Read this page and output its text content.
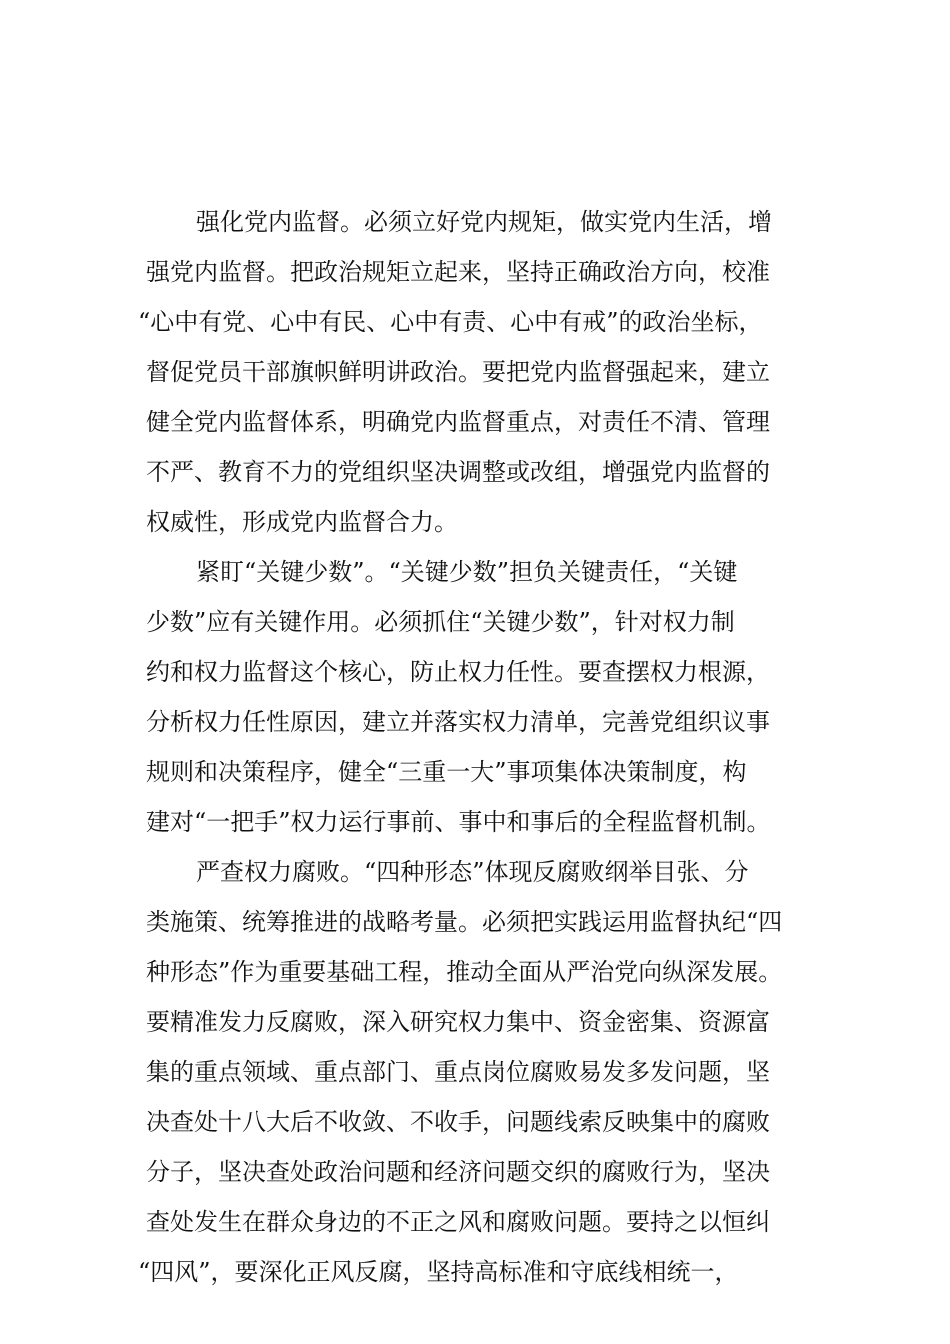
强化党内监督。必须立好党内规矩，做实党内生活，增
强党内监督。把政治规矩立起来，坚持正确政治方向，校准
“心中有党、心中有民、心中有责、心中有戒”的政治坐标，
督促党员干部旗帜鲜明讲政治。要把党内监督强起来，建立
健全党内监督体系，明确党内监督重点，对责任不清、管理
不严、教育不力的党组织坚决调整或改组，增强党内监督的
权威性，形成党内监督合力。
紧盯“关键少数”。“关键少数”担负关键责任，“关键
少数”应有关键作用。必须抓住“关键少数”，针对权力制
约和权力监督这个核心，防止权力任性。要查摆权力根源，
分析权力任性原因，建立并落实权力清单，完善党组织议事
规则和决策程序，健全“三重一大”事项集体决策制度，构
建对“一把手”权力运行事前、事中和事后的全程监督机制。
严查权力腐败。“四种形态”体现反腐败纲举目张、分
类施策、统筹推进的战略考量。必须把实践运用监督执纪“四
种形态”作为重要基础工程，推动全面从严治党向纵深发展。
要精准发力反腐败，深入研究权力集中、资金密集、资源富
集的重点领域、重点部门、重点岗位腐败易发多发问题，坚
决查处十八大后不收敛、不收手，问题线索反映集中的腐败
分子，坚决查处政治问题和经济问题交织的腐败行为，坚决
查处发生在群众身边的不正之风和腐败问题。要持之以恒纠
“四风”，要深化正风反腐，坚持高标准和守底线相统一，
